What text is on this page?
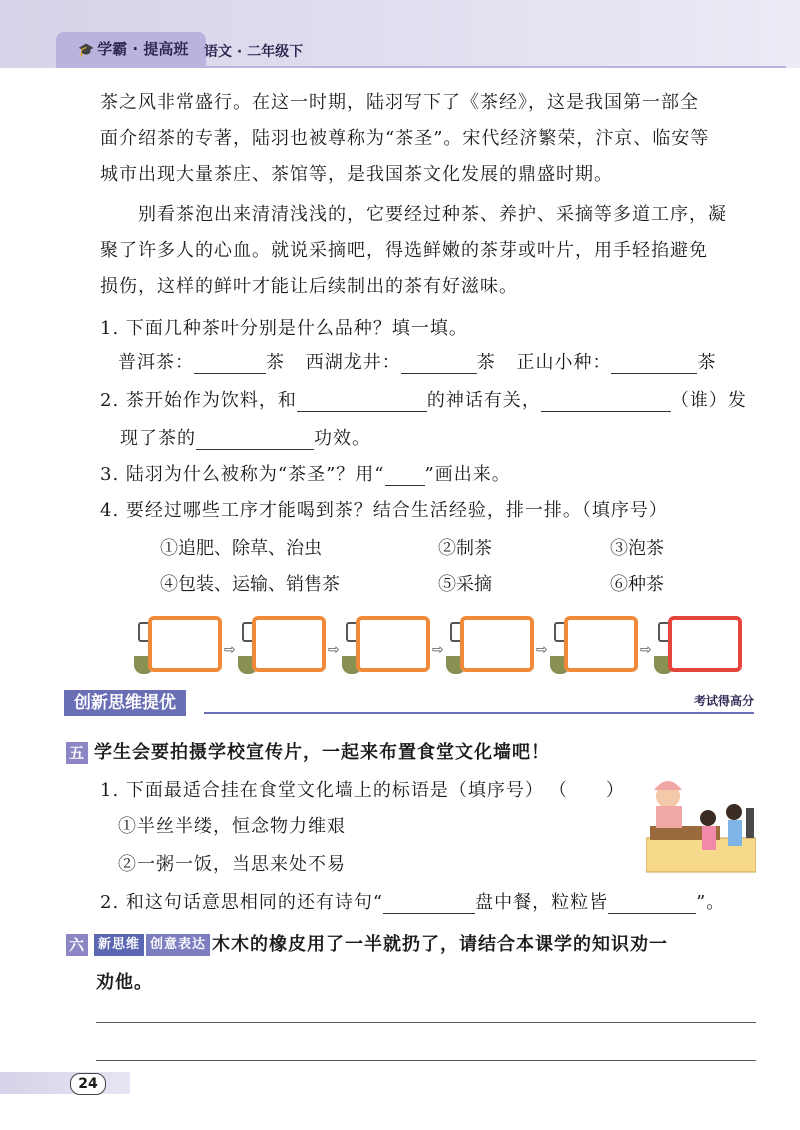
🎓 学霸 · 提高班	语文 · 二年级下
茶之风非常盛行。在这一时期，陆羽写下了《茶经》，这是我国第一部全
面介绍茶的专著，陆羽也被尊称为“茶圣”。宋代经济繁荣，汴京、临安等
城市出现大量茶庄、茶馆等，是我国茶文化发展的鼎盛时期。
别看茶泡出来清清浅浅的，它要经过种茶、养护、采摘等多道工序，凝
聚了许多人的心血。就说采摘吧，得选鲜嫩的茶芽或叶片，用手轻掐避免
损伤，这样的鲜叶才能让后续制出的茶有好滋味。
1. 下面几种茶叶分别是什么品种？填一填。
普洱茶：	茶 西湖龙井：	茶 正山小种：	茶
2. 茶开始作为饮料，和	的神话有关，	（谁）发
现了茶的	功效。
3. 陆羽为什么被称为“茶圣”？用“ ”画出来。
4. 要经过哪些工序才能喝到茶？结合生活经验，排一排。（填序号）
①追肥、除草、治虫	②制茶	③泡茶
④包装、运输、销售茶	⑤采摘	⑥种茶
⇨	⇨	⇨	⇨	⇨
创新思维提优	考试得高分
五 学生会要拍摄学校宣传片，一起来布置食堂文化墙吧！
1. 下面最适合挂在食堂文化墙上的标语是（填序号） （　　）
①半丝半缕，恒念物力维艰
②一粥一饭，当思来处不易
2. 和这句话意思相同的还有诗句“	盘中餐，粒粒皆	”。
六 新思维 创意表达 木木的橡皮用了一半就扔了，请结合本课学的知识劝一
劝他。
24
